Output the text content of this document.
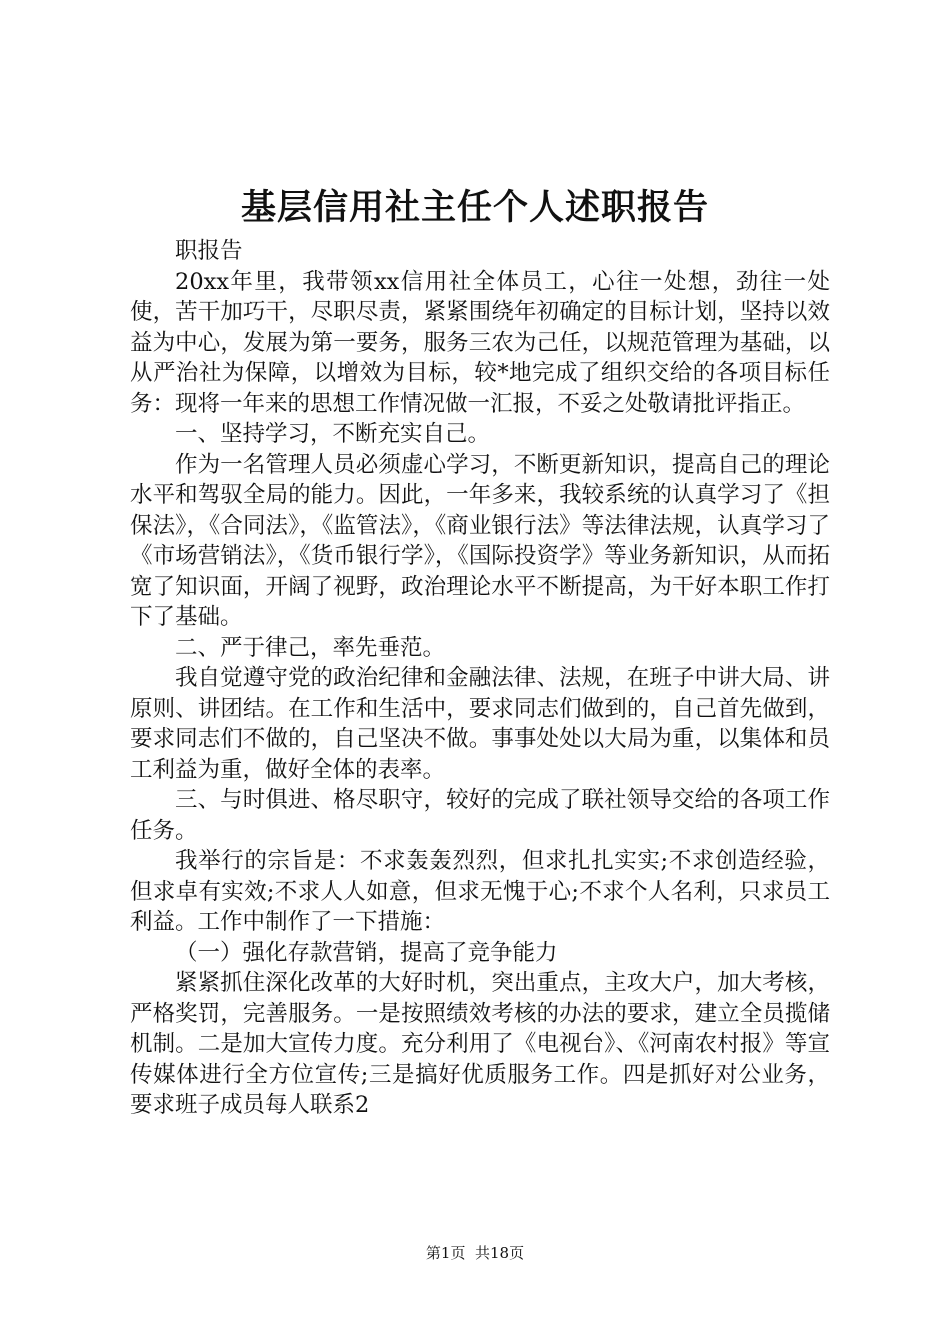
基层信用社主任个人述职报告

职报告

20xx年里，我带领xx信用社全体员工，心往一处想，劲往一处使，苦干加巧干，尽职尽责，紧紧围绕年初确定的目标计划，坚持以效益为中心，发展为第一要务，服务三农为己任，以规范管理为基础，以从严治社为保障，以增效为目标，较*地完成了组织交给的各项目标任务：现将一年来的思想工作情况做一汇报，不妥之处敬请批评指正。

一、坚持学习，不断充实自己。

作为一名管理人员必须虚心学习，不断更新知识，提高自己的理论水平和驾驭全局的能力。因此，一年多来，我较系统的认真学习了《担保法》，《合同法》，《监管法》，《商业银行法》等法律法规，认真学习了《市场营销法》，《货币银行学》，《国际投资学》等业务新知识，从而拓宽了知识面，开阔了视野，政治理论水平不断提高，为干好本职工作打下了基础。

二、严于律己，率先垂范。

我自觉遵守党的政治纪律和金融法律、法规，在班子中讲大局、讲原则、讲团结。在工作和生活中，要求同志们做到的，自己首先做到，要求同志们不做的，自己坚决不做。事事处处以大局为重，以集体和员工利益为重，做好全体的表率。

三、与时俱进、格尽职守，较好的完成了联社领导交给的各项工作任务。

我举行的宗旨是：不求轰轰烈烈，但求扎扎实实;不求创造经验，但求卓有实效;不求人人如意，但求无愧于心;不求个人名利，只求员工利益。工作中制作了一下措施：

（一）强化存款营销，提高了竞争能力

紧紧抓住深化改革的大好时机，突出重点，主攻大户，加大考核，严格奖罚，完善服务。一是按照绩效考核的办法的要求，建立全员揽储机制。二是加大宣传力度。充分利用了《电视台》、《河南农村报》等宣传媒体进行全方位宣传;三是搞好优质服务工作。四是抓好对公业务，要求班子成员每人联系2

第1页  共18页
